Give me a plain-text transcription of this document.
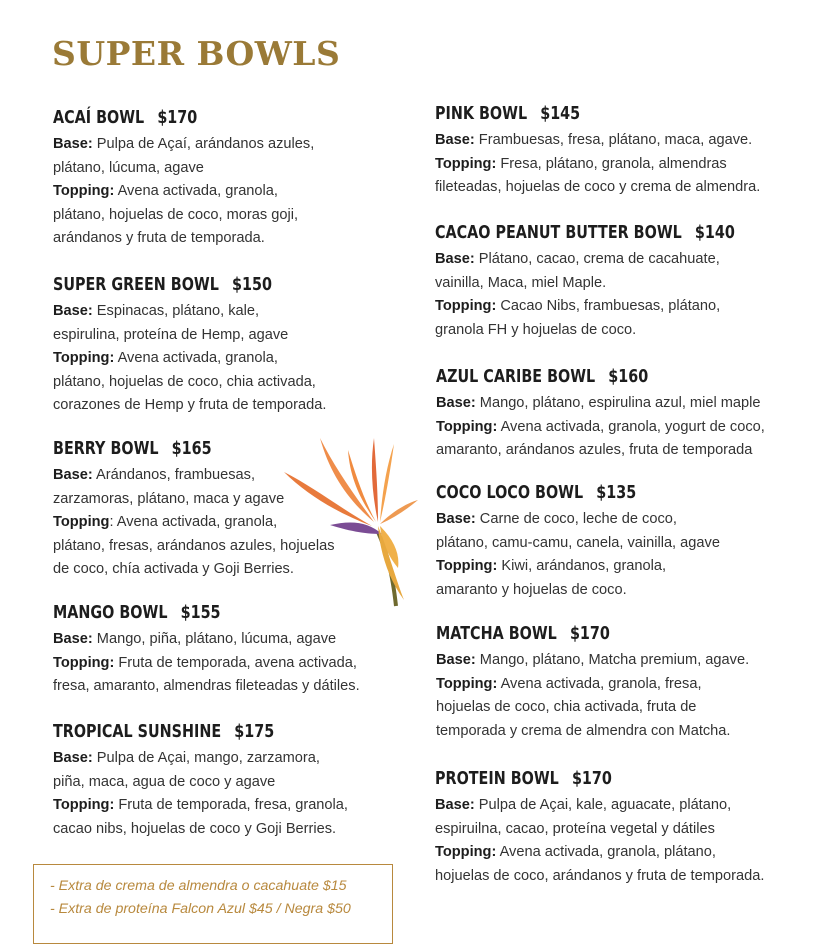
SUPER BOWLS
ACAÍ BOWL $170
Base: Pulpa de Açaí, arándanos azules,
plátano, lúcuma, agave
Topping: Avena activada, granola,
plátano, hojuelas de coco, moras goji,
arándanos y fruta de temporada.
SUPER GREEN BOWL $150
Base: Espinacas, plátano, kale,
espirulina, proteína de Hemp, agave
Topping: Avena activada, granola,
plátano, hojuelas de coco, chia activada,
corazones de Hemp y fruta de temporada.
BERRY BOWL $165
Base: Arándanos, frambuesas,
zarzamoras, plátano, maca y agave
Topping: Avena activada, granola,
plátano, fresas, arándanos azules, hojuelas
de coco, chía activada y Goji Berries.
MANGO BOWL $155
Base: Mango, piña, plátano, lúcuma, agave
Topping: Fruta de temporada, avena activada,
fresa, amaranto, almendras fileteadas y dátiles.
TROPICAL SUNSHINE $175
Base: Pulpa de Açai, mango, zarzamora,
piña, maca, agua de coco y agave
Topping: Fruta de temporada, fresa, granola,
cacao nibs, hojuelas de coco y Goji Berries.
PINK BOWL $145
Base: Frambuesas, fresa, plátano, maca, agave.
Topping: Fresa, plátano, granola, almendras
fileteadas, hojuelas de coco y crema de almendra.
CACAO PEANUT BUTTER BOWL $140
Base: Plátano, cacao, crema de cacahuate,
vainilla, Maca, miel Maple.
Topping: Cacao Nibs, frambuesas, plátano,
granola FH y hojuelas de coco.
AZUL CARIBE BOWL $160
Base: Mango, plátano, espirulina azul, miel maple
Topping: Avena activada, granola, yogurt de coco,
amaranto, arándanos azules, fruta de temporada
COCO LOCO BOWL $135
Base: Carne de coco, leche de coco,
plátano, camu-camu, canela, vainilla, agave
Topping: Kiwi, arándanos, granola,
amaranto y hojuelas de coco.
MATCHA BOWL $170
Base: Mango, plátano, Matcha premium, agave.
Topping: Avena activada, granola, fresa,
hojuelas de coco, chia activada, fruta de
temporada y crema de almendra con Matcha.
PROTEIN BOWL $170
Base: Pulpa de Açai, kale, aguacate, plátano,
espiruilna, cacao, proteína vegetal y dátiles
Topping: Avena activada, granola, plátano,
hojuelas de coco, arándanos y fruta de temporada.
- Extra de crema de almendra o cacahuate $15
- Extra de proteína Falcon Azul $45 / Negra $50
